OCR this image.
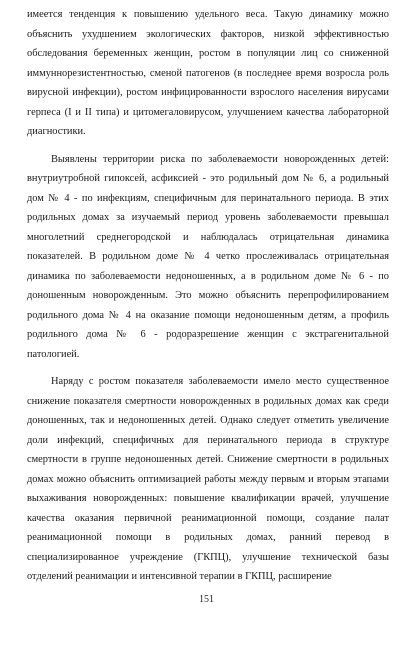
имеется тенденция к повышению удельного веса. Такую динамику можно объяснить ухудшением экологических факторов, низкой эффективностью обследования беременных женщин, ростом в популяции лиц со сниженной иммуннорезистентностью, сменой патогенов (в последнее время возросла роль вирусной инфекции), ростом инфицированности взрослого населения вирусами герпеса (I и II типа) и цитомегаловирусом, улучшением качества лабораторной диагностики.

Выявлены территории риска по заболеваемости новорожденных детей: внутриутробной гипоксей, асфиксией - это родильный дом № 6, а родильный дом № 4 - по инфекциям, специфичным для перинатального периода. В этих родильных домах за изучаемый период уровень заболеваемости превышал многолетний среднегородской и наблюдалась отрицательная динамика показателей. В родильном доме № 4 четко прослеживалась отрицательная динамика по заболеваемости недоношенных, а в родильном доме № 6 - по доношенным новорожденным. Это можно объяснить перепрофилированием родильного дома № 4 на оказание помощи недоношенным детям, а профиль родильного дома № 6 - родоразрешение женщин с экстрагенитальной патологией.

Наряду с ростом показателя заболеваемости имело место существенное снижение показателя смертности новорожденных в родильных домах как среди доношенных, так и недоношенных детей. Однако следует отметить увеличение доли инфекций, специфичных для перинатального периода в структуре смертности в группе недоношенных детей. Снижение смертности в родильных домах можно объяснить оптимизацией работы между первым и вторым этапами выхаживания новорожденных: повышение квалификации врачей, улучшение качества оказания первичной реанимационной помощи, создание палат реанимационной помощи в родильных домах, ранний перевод в специализированное учреждение (ГКПЦ), улучшение технической базы отделений реанимации и интенсивной терапии в ГКПЦ, расширение

151
